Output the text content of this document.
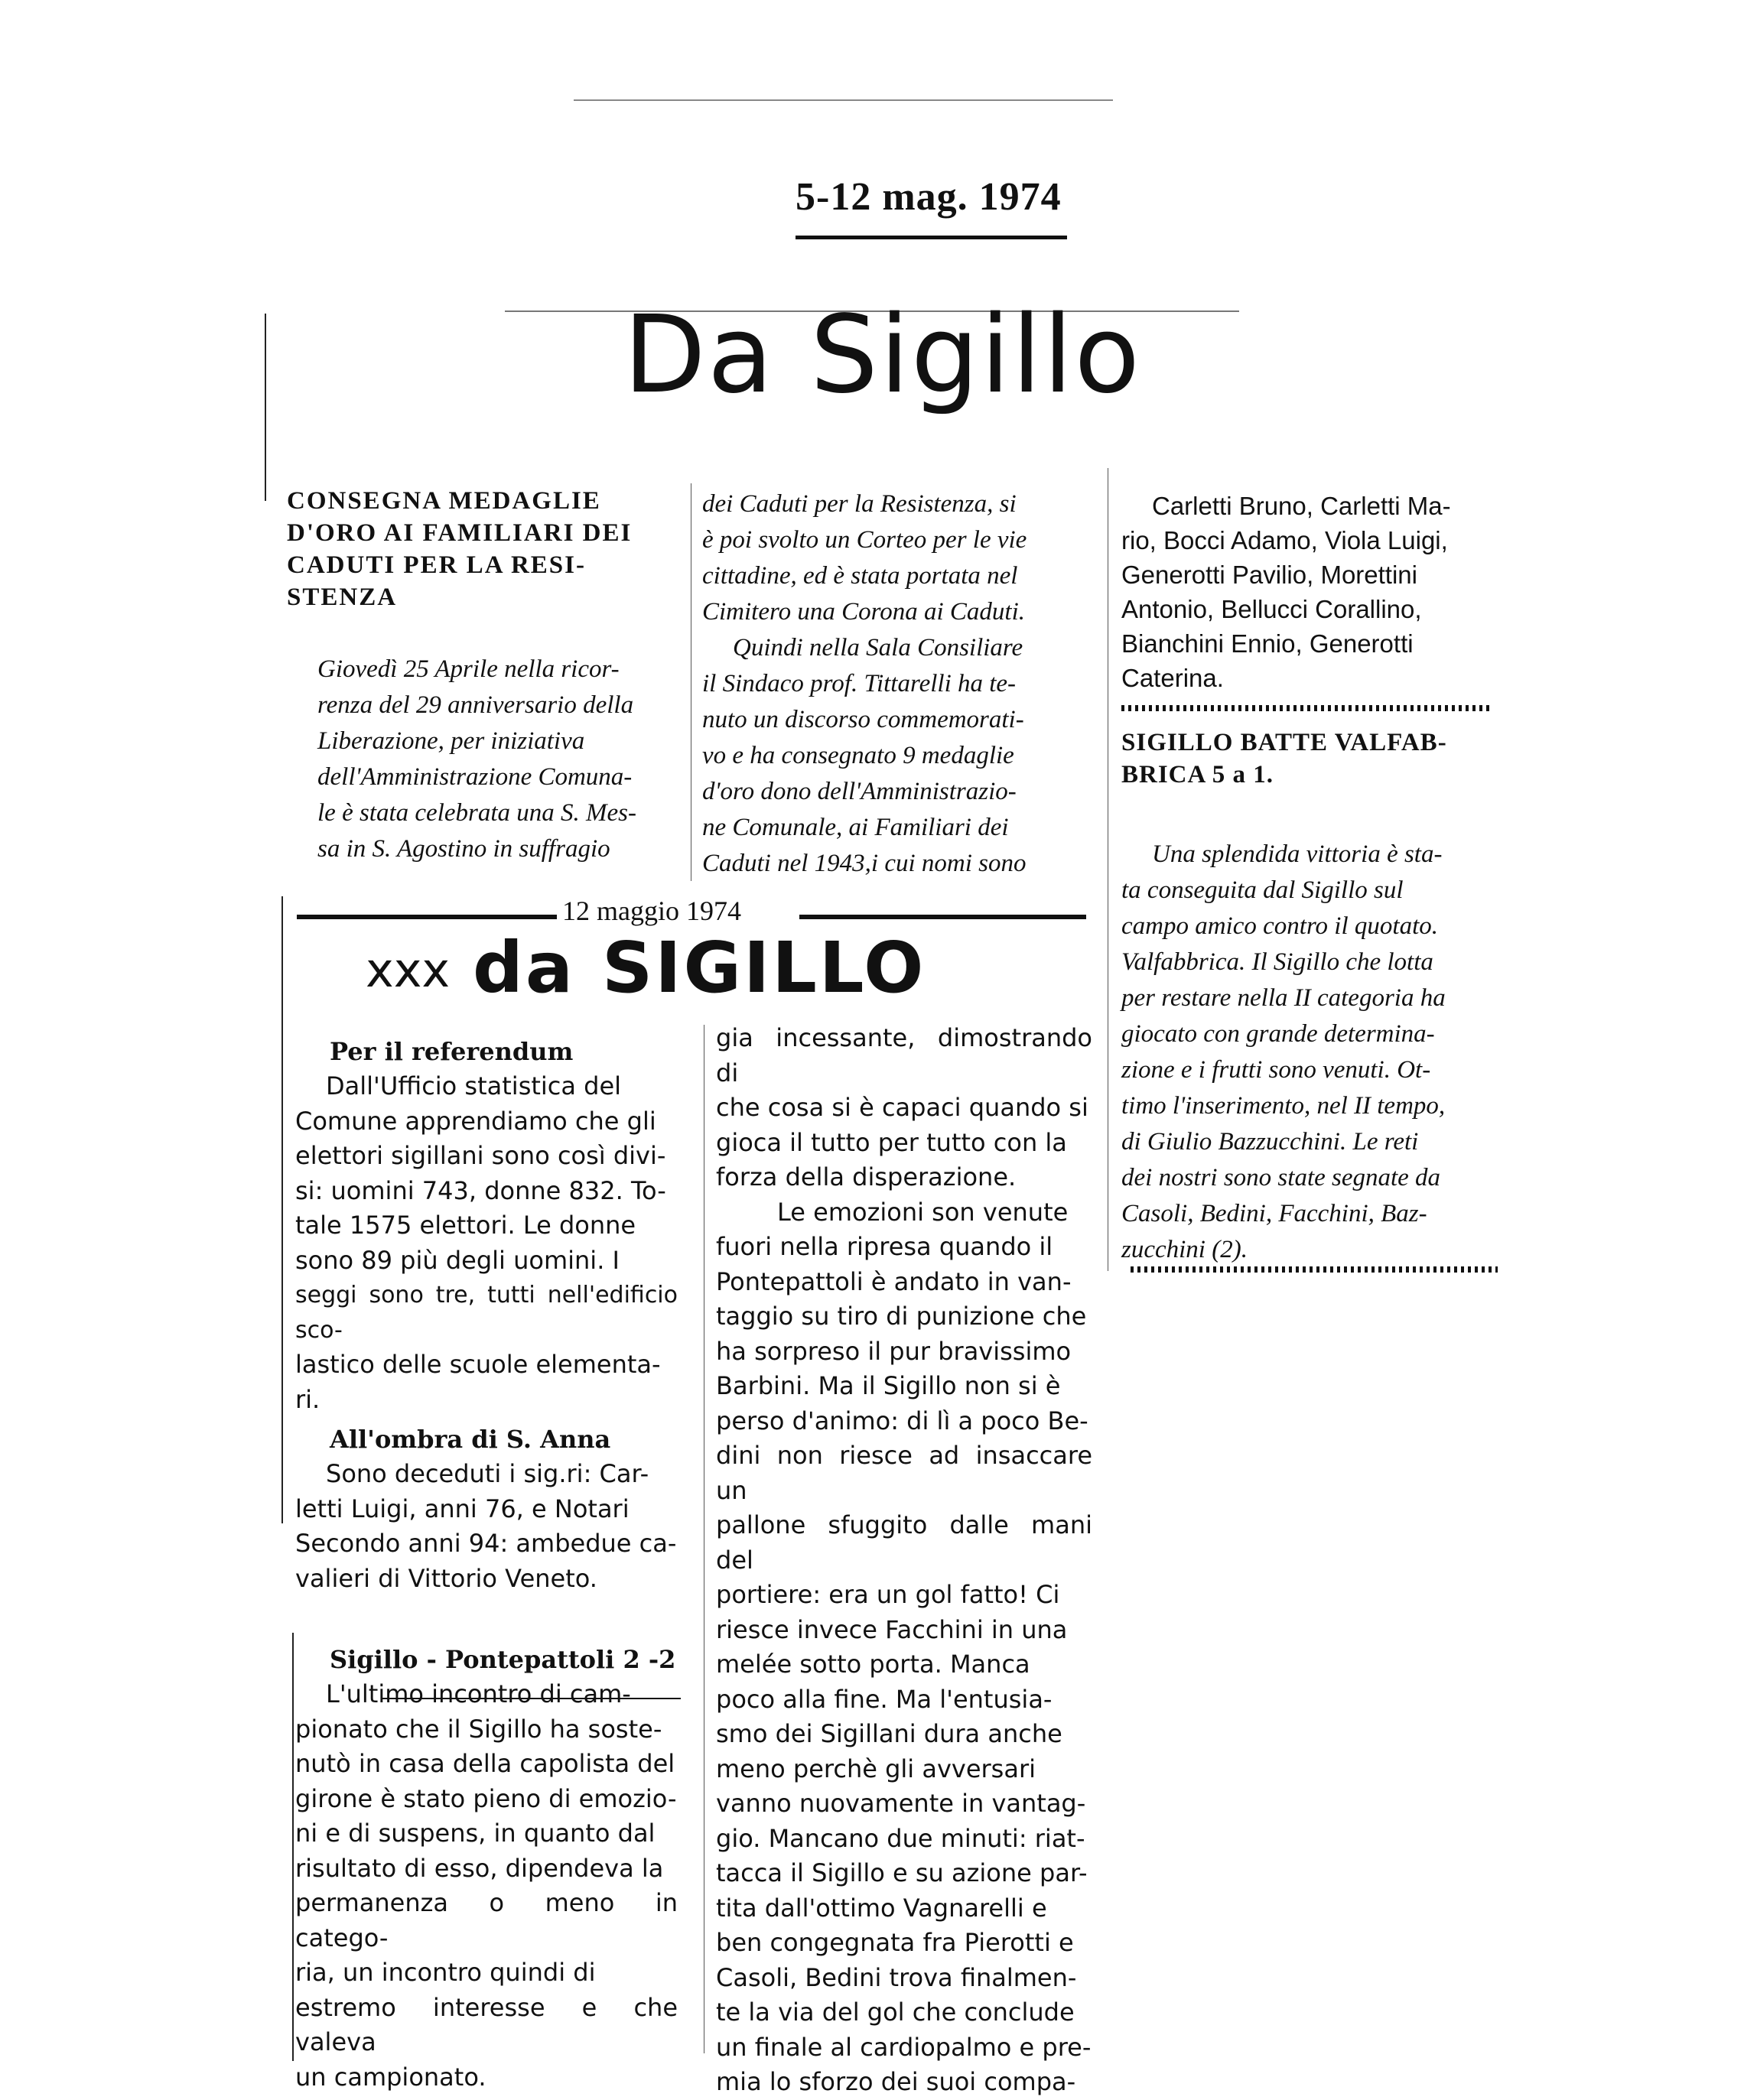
5-12 mag. 1974
Da Sigillo

CONSEGNA MEDAGLIE

D'ORO AI FAMILIARI DEI

CADUTI PER LA RESI-

STENZA

Giovedì 25 Aprile nella ricor-

renza del 29 anniversario della

Liberazione, per iniziativa

dell'Amministrazione Comuna-

le è stata celebrata una S. Mes-

sa in S. Agostino in suffragio

dei Caduti per la Resistenza, si

è poi svolto un Corteo per le vie

cittadine, ed è stata portata nel

Cimitero una Corona ai Caduti.

Quindi nella Sala Consiliare

il Sindaco prof. Tittarelli ha te-

nuto un discorso commemorati-

vo e ha consegnato 9 medaglie

d'oro dono dell'Amministrazio-

ne Comunale, ai Familiari dei

Caduti nel 1943,i cui nomi sono

Carletti Bruno, Carletti Ma-

rio, Bocci Adamo, Viola Luigi,

Generotti Pavilio, Morettini

Antonio, Bellucci Corallino,

Bianchini Ennio, Generotti

Caterina.

SIGILLO BATTE VALFAB-

BRICA 5 a 1.

Una splendida vittoria è sta-

ta conseguita dal Sigillo sul

campo amico contro il quotato.

Valfabbrica. Il Sigillo che lotta

per restare nella II categoria ha

giocato con grande determina-

zione e i frutti sono venuti. Ot-

timo l'inserimento, nel II tempo,

di Giulio Bazzucchini. Le reti

dei nostri sono state segnate da

Casoli, Bedini, Facchini, Baz-

zucchini (2).

12 maggio 1974
xxx da SIGILLO
Per il referendum

Dall'Ufficio statistica del

Comune apprendiamo che gli

elettori sigillani sono così divi-

si: uomini 743, donne 832. To-

tale 1575 elettori. Le donne

sono 89 più degli uomini. I

seggi sono tre, tutti nell'edificio sco-

lastico delle scuole elementa-

ri.

All'ombra di S. Anna

Sono deceduti i sig.ri: Car-

letti Luigi, anni 76, e Notari

Secondo anni 94: ambedue ca-

valieri di Vittorio Veneto.

Sigillo - Pontepattoli 2 -2

L'ultimo incontro di cam-

pionato che il Sigillo ha soste-

nutò in casa della capolista del

girone è stato pieno di emozio-

ni e di suspens, in quanto dal

risultato di esso, dipendeva la

permanenza o meno in catego-

ria, un incontro quindi di

estremo interesse e che valeva

un campionato.

gia incessante, dimostrando di

che cosa si è capaci quando si

gioca il tutto per tutto con la

forza della disperazione.

Le emozioni son venute

fuori nella ripresa quando il

Pontepattoli è andato in van-

taggio su tiro di punizione che

ha sorpreso il pur bravissimo

Barbini. Ma il Sigillo non si è

perso d'animo: di lì a poco Be-

dini non riesce ad insaccare un

pallone sfuggito dalle mani del

portiere: era un gol fatto! Ci

riesce invece Facchini in una

melée sotto porta. Manca

poco alla fine. Ma l'entusia-

smo dei Sigillani dura anche

meno perchè gli avversari

vanno nuovamente in vantag-

gio. Mancano due minuti: riat-

tacca il Sigillo e su azione par-

tita dall'ottimo Vagnarelli e

ben congegnata fra Pierotti e

Casoli, Bedini trova finalmen-

te la via del gol che conclude

un finale al cardiopalmo e pre-

mia lo sforzo dei suoi compa-
